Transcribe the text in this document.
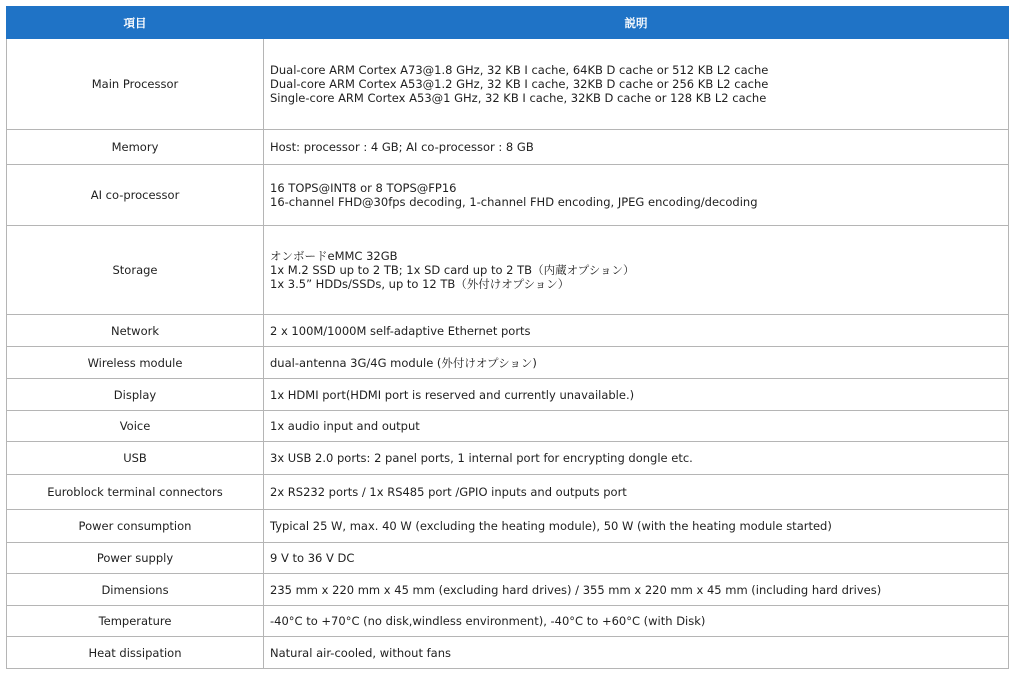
項目	説明
Main Processor	Dual-core ARM Cortex A73@1.8 GHz, 32 KB I cache, 64KB D cache or 512 KB L2 cache
Dual-core ARM Cortex A53@1.2 GHz, 32 KB I cache, 32KB D cache or 256 KB L2 cache
Single-core ARM Cortex A53@1 GHz, 32 KB I cache, 32KB D cache or 128 KB L2 cache

Memory	Host: processor : 4 GB; AI co-processor : 8 GB

AI co-processor	16 TOPS@INT8 or 8 TOPS@FP16
16-channel FHD@30fps decoding, 1-channel FHD encoding, JPEG encoding/decoding

Storage	オンボードeMMC 32GB
1x M.2 SSD up to 2 TB; 1x SD card up to 2 TB（内蔵オプション）
1x 3.5” HDDs/SSDs, up to 12 TB（外付けオプション）

Network	2 x 100M/1000M self-adaptive Ethernet ports

Wireless module	dual-antenna 3G/4G module (外付けオプション)

Display	1x HDMI port(HDMI port is reserved and currently unavailable.)

Voice	1x audio input and output

USB	3x USB 2.0 ports: 2 panel ports, 1 internal port for encrypting dongle etc.

Euroblock terminal connectors	2x RS232 ports / 1x RS485 port /GPIO inputs and outputs port

Power consumption	Typical 25 W, max. 40 W (excluding the heating module), 50 W (with the heating module started)

Power supply	9 V to 36 V DC

Dimensions	235 mm x 220 mm x 45 mm (excluding hard drives) / 355 mm x 220 mm x 45 mm (including hard drives)

Temperature	-40°C to +70°C (no disk,windless environment), -40°C to +60°C (with Disk)

Heat dissipation	Natural air-cooled, without fans
